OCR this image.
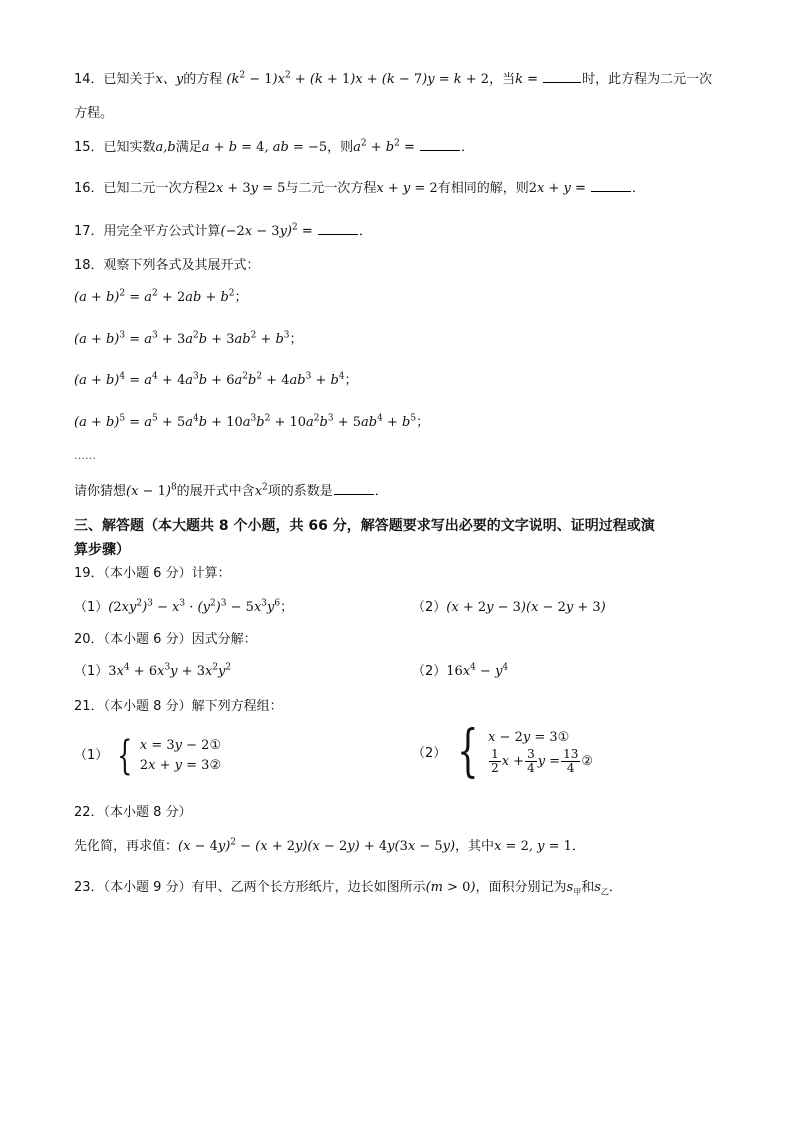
14．已知关于x、y的方程 $(k^2 - 1)x^2 + (k + 1)x + (k - 7)y = k + 2$，当k =	时，此方程为二元一次
方程。
15．已知实数a,b满足a + b = 4, ab = −5，则$a^2 + b^2$ =	．
16．已知二元一次方程2x + 3y = 5与二元一次方程x + y = 2有相同的解，则2x + y =	．
17．用完全平方公式计算$(-2x - 3y)^2$ =	．
18．观察下列各式及其展开式：
$(a + b)^2 = a^2 + 2ab + b^2$；
$(a + b)^3 = a^3 + 3a^2b + 3ab^2 + b^3$；
$(a + b)^4 = a^4 + 4a^3b + 6a^2b^2 + 4ab^3 + b^4$；
$(a + b)^5 = a^5 + 5a^4b + 10a^3b^2 + 10a^2b^3 + 5ab^4 + b^5$；
……
请你猜想$(x - 1)^8$的展开式中含$x^2$项的系数是	．
三、解答题（本大题共 8 个小题，共 66 分，解答题要求写出必要的文字说明、证明过程或演
算步骤）
19．（本小题 6 分）计算：
$(1)(2xy^2)^3 - x^3 \cdot (y^2)^3 - 5x^3y^6$；	（2）(x + 2y − 3)(x − 2y + 3)
20．（本小题 6 分）因式分解：
$(1)3x^4 + 6x^3y + 3x^2y^2$	$(2)16x^4 - y^4$
21．（本小题 8 分）解下列方程组：
（1） { x = 3y − 2①
2x + y = 3②
（2） { x − 2y = 3①
$\frac{1}{2}$ $x + \frac{3}{4}$ $y = \frac{13}{4}$ ②
22．（本小题 8 分）
先化简，再求值：$(x - 4y)^2 - (x + 2y)(x - 2y) + 4y(3x - 5y)$，其中x = 2, y = 1．
23．（本小题 9 分）有甲、乙两个长方形纸片，边长如图所示(m > 0)，面积分别记为$s_甲$和$s_乙$．
